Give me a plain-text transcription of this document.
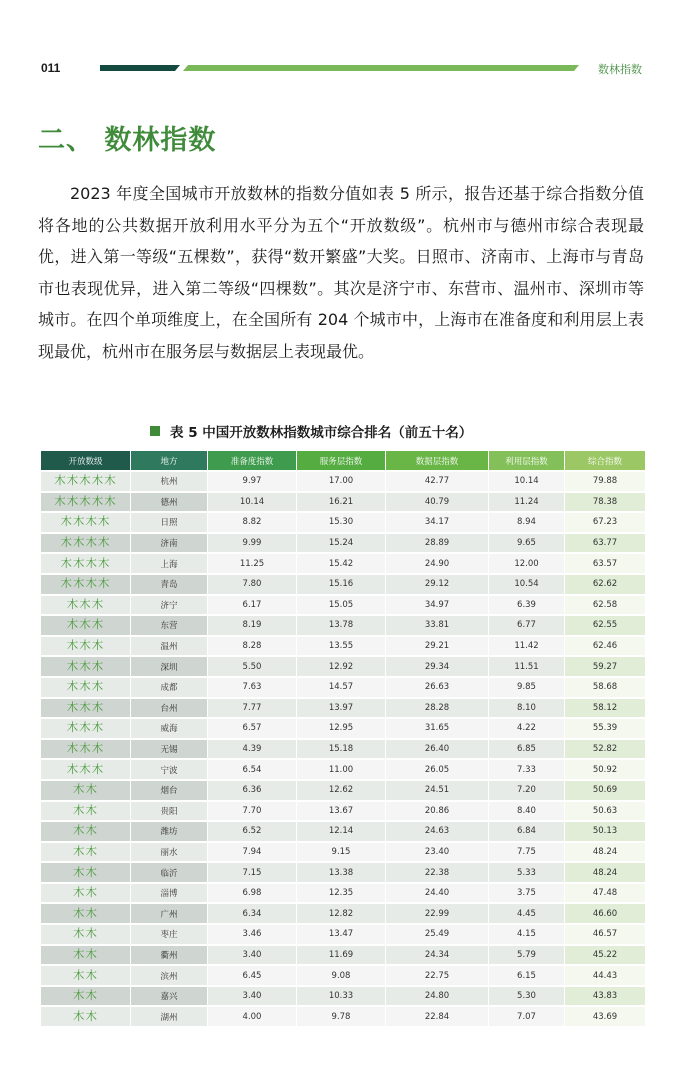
011	数林指数
二、 数林指数

2023 年度全国城市开放数林的指数分值如表 5 所示，报告还基于综合指数分值将各地的公共数据开放利用水平分为五个“开放数级”。杭州市与德州市综合表现最优，进入第一等级“五棵数”，获得“数开繁盛”大奖。日照市、济南市、上海市与青岛市也表现优异，进入第二等级“四棵数”。其次是济宁市、东营市、温州市、深圳市等城市。在四个单项维度上，在全国所有 204 个城市中，上海市在准备度和利用层上表现最优，杭州市在服务层与数据层上表现最优。

表 5 中国开放数林指数城市综合排名（前五十名）
开放数级	地方	准备度指数	服务层指数	数据层指数	利用层指数	综合指数
木木木木木	杭州	9.97	17.00	42.77	10.14	79.88
木木木木木	德州	10.14	16.21	40.79	11.24	78.38
木木木木	日照	8.82	15.30	34.17	8.94	67.23
木木木木	济南	9.99	15.24	28.89	9.65	63.77
木木木木	上海	11.25	15.42	24.90	12.00	63.57
木木木木	青岛	7.80	15.16	29.12	10.54	62.62
木木木	济宁	6.17	15.05	34.97	6.39	62.58
木木木	东营	8.19	13.78	33.81	6.77	62.55
木木木	温州	8.28	13.55	29.21	11.42	62.46
木木木	深圳	5.50	12.92	29.34	11.51	59.27
木木木	成都	7.63	14.57	26.63	9.85	58.68
木木木	台州	7.77	13.97	28.28	8.10	58.12
木木木	威海	6.57	12.95	31.65	4.22	55.39
木木木	无锡	4.39	15.18	26.40	6.85	52.82
木木木	宁波	6.54	11.00	26.05	7.33	50.92
木木	烟台	6.36	12.62	24.51	7.20	50.69
木木	贵阳	7.70	13.67	20.86	8.40	50.63
木木	潍坊	6.52	12.14	24.63	6.84	50.13
木木	丽水	7.94	9.15	23.40	7.75	48.24
木木	临沂	7.15	13.38	22.38	5.33	48.24
木木	淄博	6.98	12.35	24.40	3.75	47.48
木木	广州	6.34	12.82	22.99	4.45	46.60
木木	枣庄	3.46	13.47	25.49	4.15	46.57
木木	衢州	3.40	11.69	24.34	5.79	45.22
木木	滨州	6.45	9.08	22.75	6.15	44.43
木木	嘉兴	3.40	10.33	24.80	5.30	43.83
木木	湖州	4.00	9.78	22.84	7.07	43.69
